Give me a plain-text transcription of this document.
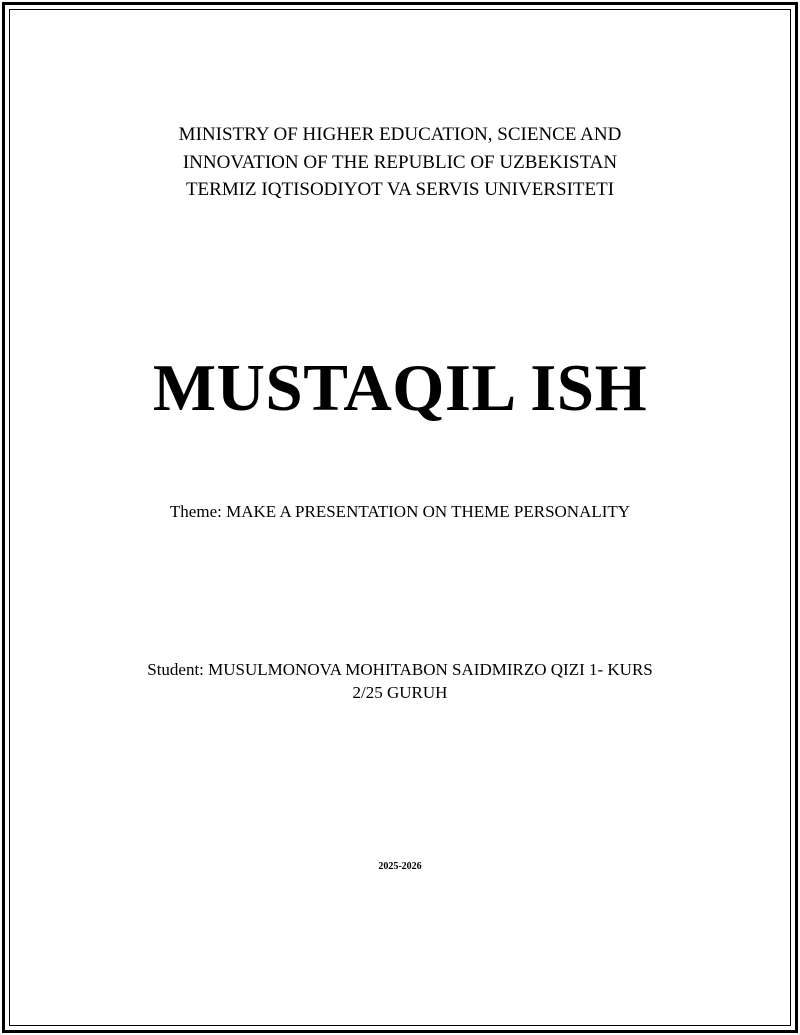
MINISTRY OF HIGHER EDUCATION, SCIENCE AND
INNOVATION OF THE REPUBLIC OF UZBEKISTAN
TERMIZ IQTISODIYOT VA SERVIS UNIVERSITETI
MUSTAQIL ISH
Theme: MAKE A PRESENTATION ON THEME PERSONALITY
Student: MUSULMONOVA MOHITABON SAIDMIRZO QIZI 1- KURS
2/25 GURUH
2025-2026
